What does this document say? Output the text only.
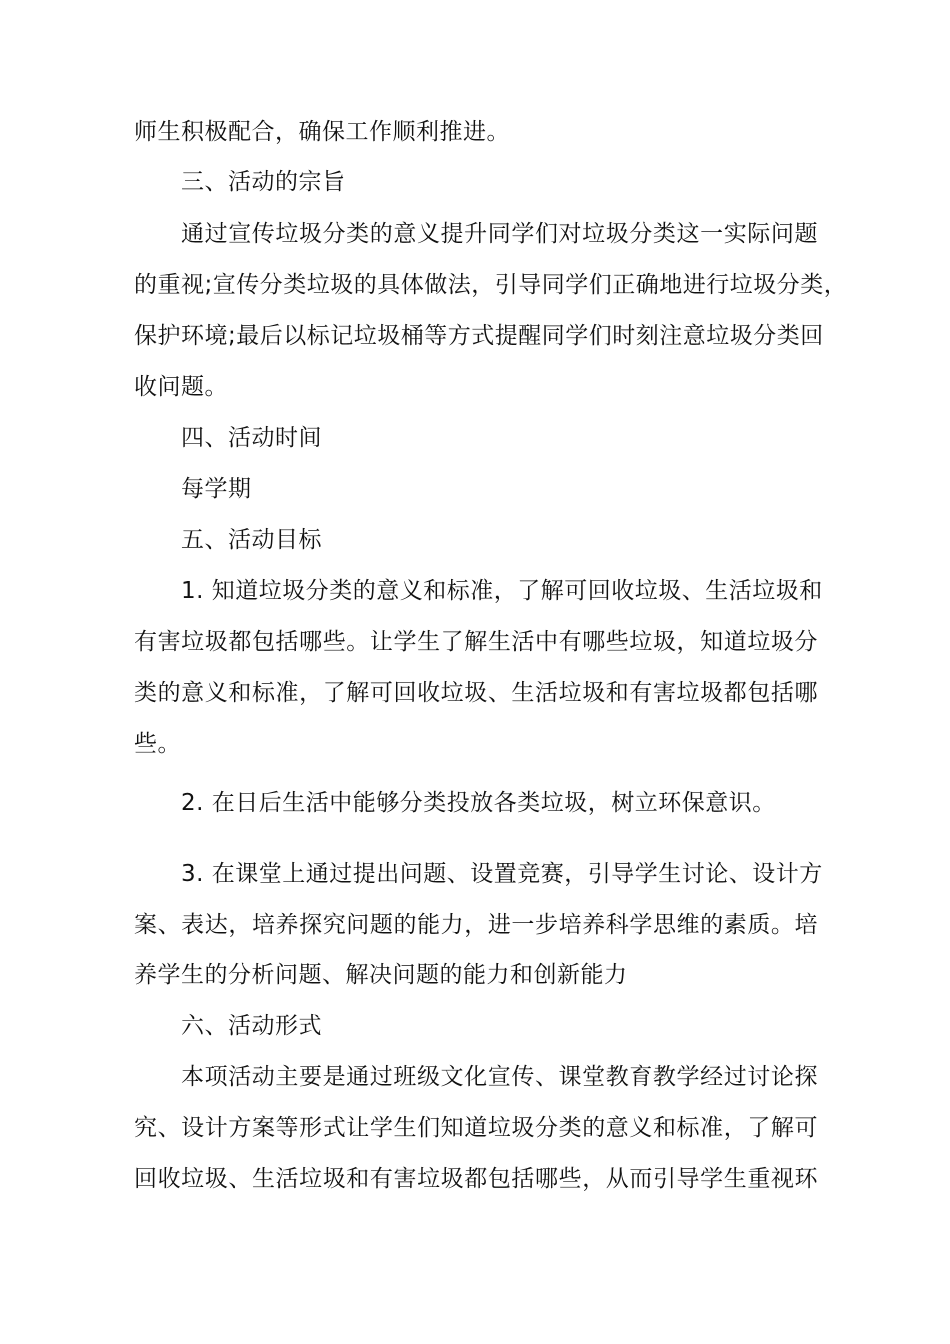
师生积极配合，确保工作顺利推进。
三、活动的宗旨
通过宣传垃圾分类的意义提升同学们对垃圾分类这一实际问题
的重视;宣传分类垃圾的具体做法，引导同学们正确地进行垃圾分类，
保护环境;最后以标记垃圾桶等方式提醒同学们时刻注意垃圾分类回
收问题。
四、活动时间
每学期
五、活动目标
1. 知道垃圾分类的意义和标准，了解可回收垃圾、生活垃圾和
有害垃圾都包括哪些。让学生了解生活中有哪些垃圾，知道垃圾分
类的意义和标准，了解可回收垃圾、生活垃圾和有害垃圾都包括哪
些。
2. 在日后生活中能够分类投放各类垃圾，树立环保意识。
3. 在课堂上通过提出问题、设置竞赛，引导学生讨论、设计方
案、表达，培养探究问题的能力，进一步培养科学思维的素质。培
养学生的分析问题、解决问题的能力和创新能力
六、活动形式
本项活动主要是通过班级文化宣传、课堂教育教学经过讨论探
究、设计方案等形式让学生们知道垃圾分类的意义和标准，了解可
回收垃圾、生活垃圾和有害垃圾都包括哪些，从而引导学生重视环
